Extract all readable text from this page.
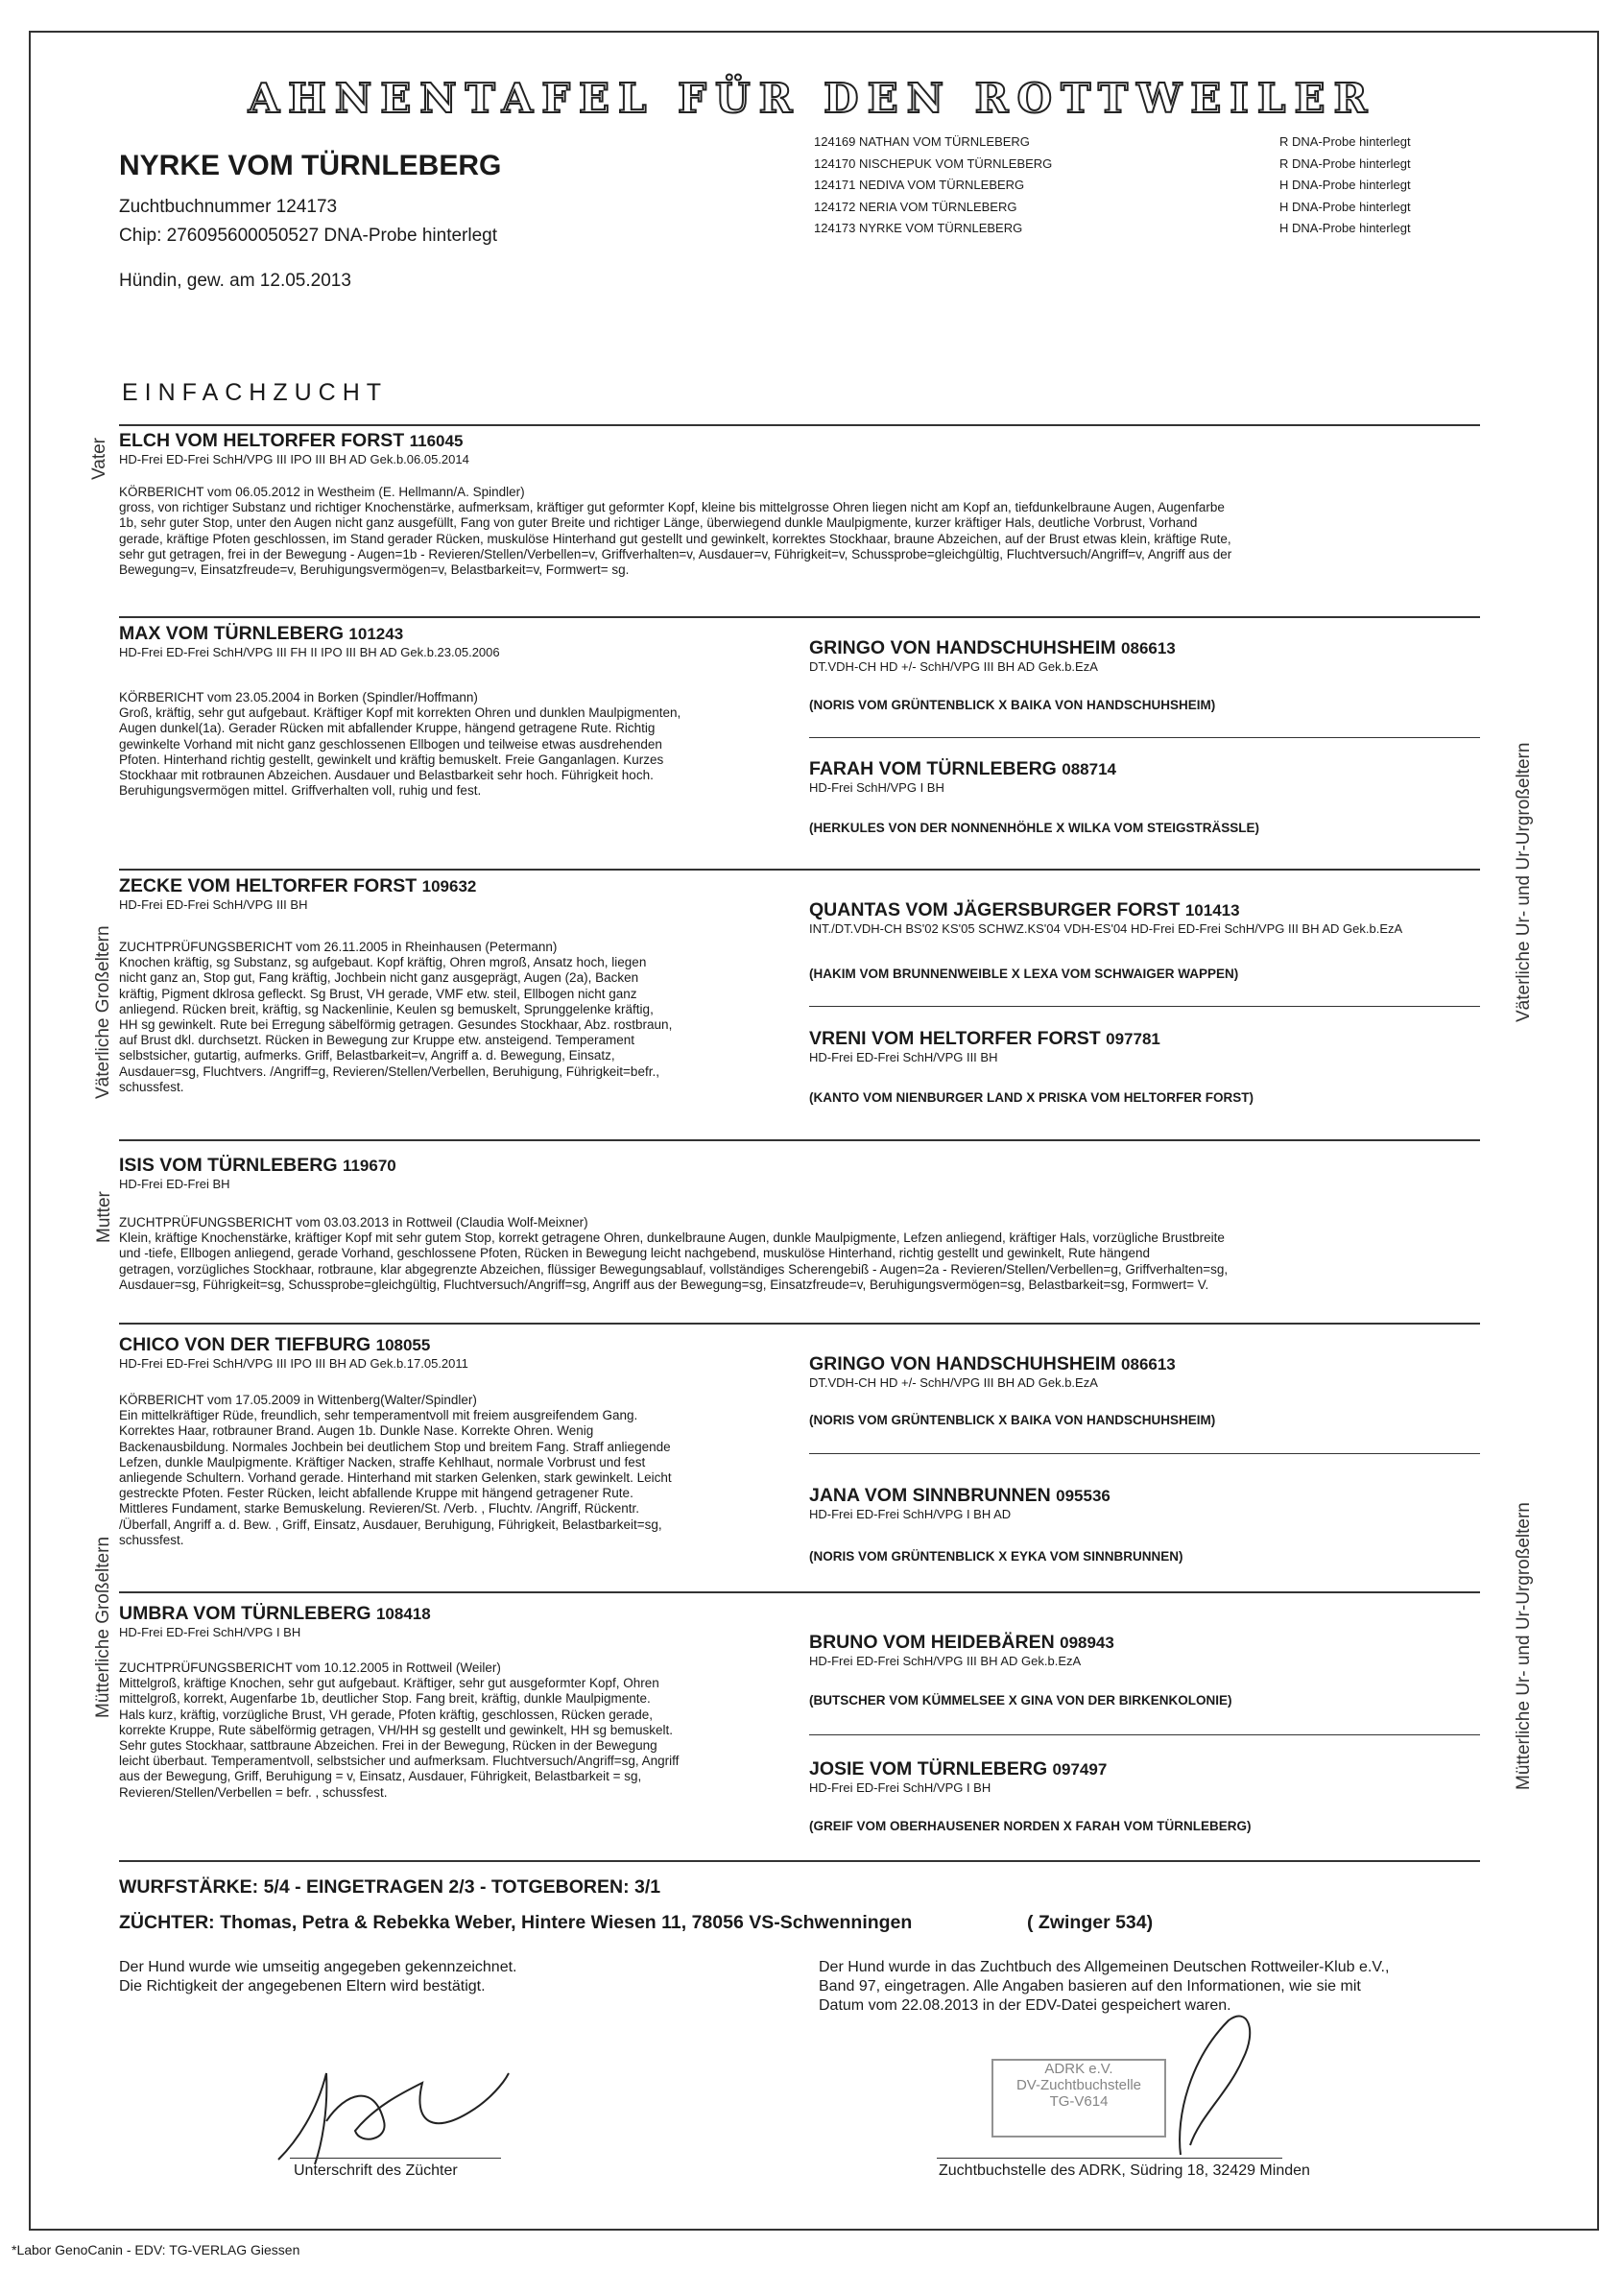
AHNENTAFEL FÜR DEN ROTTWEILER
NYRKE VOM TÜRNLEBERG
Zuchtbuchnummer 124173
Chip: 276095600050527 DNA-Probe hinterlegt
Hündin, gew. am 12.05.2013
124169 NATHAN VOM TÜRNLEBERG
124170 NISCHEPUK VOM TÜRNLEBERG
124171 NEDIVA VOM TÜRNLEBERG
124172 NERIA VOM TÜRNLEBERG
124173 NYRKE VOM TÜRNLEBERG
R DNA-Probe hinterlegt
R DNA-Probe hinterlegt
H DNA-Probe hinterlegt
H DNA-Probe hinterlegt
H DNA-Probe hinterlegt
EINFACHZUCHT
Vater
Väterliche Großeltern
Mutter
Mütterliche Großeltern
Väterliche Ur- und Ur-Urgroßeltern
Mütterliche Ur- und Ur-Urgroßeltern
ELCH VOM HELTORFER FORST 116045
HD-Frei ED-Frei SchH/VPG III IPO III BH AD Gek.b.06.05.2014
KÖRBERICHT vom 06.05.2012 in Westheim (E. Hellmann/A. Spindler)
gross, von richtiger Substanz und richtiger Knochenstärke, aufmerksam, kräftiger gut geformter Kopf, kleine bis mittelgrosse Ohren liegen nicht am Kopf an, tiefdunkelbraune Augen, Augenfarbe
1b, sehr guter Stop, unter den Augen nicht ganz ausgefüllt, Fang von guter Breite und richtiger Länge, überwiegend dunkle Maulpigmente, kurzer kräftiger Hals, deutliche Vorbrust, Vorhand
gerade, kräftige Pfoten geschlossen, im Stand gerader Rücken, muskulöse Hinterhand gut gestellt und gewinkelt, korrektes Stockhaar, braune Abzeichen, auf der Brust etwas klein, kräftige Rute,
sehr gut getragen, frei in der Bewegung - Augen=1b - Revieren/Stellen/Verbellen=v, Griffverhalten=v, Ausdauer=v, Führigkeit=v, Schussprobe=gleichgültig, Fluchtversuch/Angriff=v, Angriff aus der
Bewegung=v, Einsatzfreude=v, Beruhigungsvermögen=v, Belastbarkeit=v, Formwert= sg.
MAX VOM TÜRNLEBERG 101243
HD-Frei ED-Frei SchH/VPG III FH II IPO III BH AD Gek.b.23.05.2006
KÖRBERICHT vom 23.05.2004 in Borken (Spindler/Hoffmann)
Groß, kräftig, sehr gut aufgebaut. Kräftiger Kopf mit korrekten Ohren und dunklen Maulpigmenten,
Augen dunkel(1a). Gerader Rücken mit abfallender Kruppe, hängend getragene Rute. Richtig
gewinkelte Vorhand mit nicht ganz geschlossenen Ellbogen und teilweise etwas ausdrehenden
Pfoten. Hinterhand richtig gestellt, gewinkelt und kräftig bemuskelt. Freie Ganganlagen. Kurzes
Stockhaar mit rotbraunen Abzeichen. Ausdauer und Belastbarkeit sehr hoch. Führigkeit hoch.
Beruhigungsvermögen mittel. Griffverhalten voll, ruhig und fest.
GRINGO VON HANDSCHUHSHEIM 086613
DT.VDH-CH HD +/- SchH/VPG III BH AD Gek.b.EzA
(NORIS VOM GRÜNTENBLICK X BAIKA VON HANDSCHUHSHEIM)
FARAH VOM TÜRNLEBERG 088714
HD-Frei SchH/VPG I BH
(HERKULES VON DER NONNENHÖHLE X WILKA VOM STEIGSTRÄSSLE)
ZECKE VOM HELTORFER FORST 109632
HD-Frei ED-Frei SchH/VPG III BH
ZUCHTPRÜFUNGSBERICHT vom 26.11.2005 in Rheinhausen (Petermann)
Knochen kräftig, sg Substanz, sg aufgebaut. Kopf kräftig, Ohren mgroß, Ansatz hoch, liegen
nicht ganz an, Stop gut, Fang kräftig, Jochbein nicht ganz ausgeprägt, Augen (2a), Backen
kräftig, Pigment dklrosa gefleckt. Sg Brust, VH gerade, VMF etw. steil, Ellbogen nicht ganz
anliegend. Rücken breit, kräftig, sg Nackenlinie, Keulen sg bemuskelt, Sprunggelenke kräftig,
HH sg gewinkelt. Rute bei Erregung säbelförmig getragen. Gesundes Stockhaar, Abz. rostbraun,
auf Brust dkl. durchsetzt. Rücken in Bewegung zur Kruppe etw. ansteigend. Temperament
selbstsicher, gutartig, aufmerks. Griff, Belastbarkeit=v, Angriff a. d. Bewegung, Einsatz,
Ausdauer=sg, Fluchtvers. /Angriff=g, Revieren/Stellen/Verbellen, Beruhigung, Führigkeit=befr.,
schussfest.
QUANTAS VOM JÄGERSBURGER FORST 101413
INT./DT.VDH-CH BS'02 KS'05 SCHWZ.KS'04 VDH-ES'04 HD-Frei ED-Frei SchH/VPG III BH AD Gek.b.EzA
(HAKIM VOM BRUNNENWEIBLE X LEXA VOM SCHWAIGER WAPPEN)
VRENI VOM HELTORFER FORST 097781
HD-Frei ED-Frei SchH/VPG III BH
(KANTO VOM NIENBURGER LAND X PRISKA VOM HELTORFER FORST)
ISIS VOM TÜRNLEBERG 119670
HD-Frei ED-Frei BH
ZUCHTPRÜFUNGSBERICHT vom 03.03.2013 in Rottweil (Claudia Wolf-Meixner)
Klein, kräftige Knochenstärke, kräftiger Kopf mit sehr gutem Stop, korrekt getragene Ohren, dunkelbraune Augen, dunkle Maulpigmente, Lefzen anliegend, kräftiger Hals, vorzügliche Brustbreite
und -tiefe, Ellbogen anliegend, gerade Vorhand, geschlossene Pfoten, Rücken in Bewegung leicht nachgebend, muskulöse Hinterhand, richtig gestellt und gewinkelt, Rute hängend
getragen, vorzügliches Stockhaar, rotbraune, klar abgegrenzte Abzeichen, flüssiger Bewegungsablauf, vollständiges Scherengebiß - Augen=2a - Revieren/Stellen/Verbellen=g, Griffverhalten=sg,
Ausdauer=sg, Führigkeit=sg, Schussprobe=gleichgültig, Fluchtversuch/Angriff=sg, Angriff aus der Bewegung=sg, Einsatzfreude=v, Beruhigungsvermögen=sg, Belastbarkeit=sg, Formwert= V.
CHICO VON DER TIEFBURG 108055
HD-Frei ED-Frei SchH/VPG III IPO III BH AD Gek.b.17.05.2011
KÖRBERICHT vom 17.05.2009 in Wittenberg(Walter/Spindler)
Ein mittelkräftiger Rüde, freundlich, sehr temperamentvoll mit freiem ausgreifendem Gang.
Korrektes Haar, rotbrauner Brand. Augen 1b. Dunkle Nase. Korrekte Ohren. Wenig
Backenausbildung. Normales Jochbein bei deutlichem Stop und breitem Fang. Straff anliegende
Lefzen, dunkle Maulpigmente. Kräftiger Nacken, straffe Kehlhaut, normale Vorbrust und fest
anliegende Schultern. Vorhand gerade. Hinterhand mit starken Gelenken, stark gewinkelt. Leicht
gestreckte Pfoten. Fester Rücken, leicht abfallende Kruppe mit hängend getragener Rute.
Mittleres Fundament, starke Bemuskelung. Revieren/St. /Verb. , Fluchtv. /Angriff, Rückentr.
/Überfall, Angriff a. d. Bew. , Griff, Einsatz, Ausdauer, Beruhigung, Führigkeit, Belastbarkeit=sg,
schussfest.
GRINGO VON HANDSCHUHSHEIM 086613
DT.VDH-CH HD +/- SchH/VPG III BH AD Gek.b.EzA
(NORIS VOM GRÜNTENBLICK X BAIKA VON HANDSCHUHSHEIM)
JANA VOM SINNBRUNNEN 095536
HD-Frei ED-Frei SchH/VPG I BH AD
(NORIS VOM GRÜNTENBLICK X EYKA VOM SINNBRUNNEN)
UMBRA VOM TÜRNLEBERG 108418
HD-Frei ED-Frei SchH/VPG I BH
ZUCHTPRÜFUNGSBERICHT vom 10.12.2005 in Rottweil (Weiler)
Mittelgroß, kräftige Knochen, sehr gut aufgebaut. Kräftiger, sehr gut ausgeformter Kopf, Ohren
mittelgroß, korrekt, Augenfarbe 1b, deutlicher Stop. Fang breit, kräftig, dunkle Maulpigmente.
Hals kurz, kräftig, vorzügliche Brust, VH gerade, Pfoten kräftig, geschlossen, Rücken gerade,
korrekte Kruppe, Rute säbelförmig getragen, VH/HH sg gestellt und gewinkelt, HH sg bemuskelt.
Sehr gutes Stockhaar, sattbraune Abzeichen. Frei in der Bewegung, Rücken in der Bewegung
leicht überbaut. Temperamentvoll, selbstsicher und aufmerksam. Fluchtversuch/Angriff=sg, Angriff
aus der Bewegung, Griff, Beruhigung = v, Einsatz, Ausdauer, Führigkeit, Belastbarkeit = sg,
Revieren/Stellen/Verbellen = befr. , schussfest.
BRUNO VOM HEIDEBÄREN 098943
HD-Frei ED-Frei SchH/VPG III BH AD Gek.b.EzA
(BUTSCHER VOM KÜMMELSEE X GINA VON DER BIRKENKOLONIE)
JOSIE VOM TÜRNLEBERG 097497
HD-Frei ED-Frei SchH/VPG I BH
(GREIF VOM OBERHAUSENER NORDEN X FARAH VOM TÜRNLEBERG)
WURFSTÄRKE: 5/4 - EINGETRAGEN 2/3 - TOTGEBOREN: 3/1
ZÜCHTER: Thomas, Petra & Rebekka Weber, Hintere Wiesen 11, 78056 VS-Schwenningen	( Zwinger 534)
Der Hund wurde wie umseitig angegeben gekennzeichnet.
Die Richtigkeit der angegebenen Eltern wird bestätigt.
Der Hund wurde in das Zuchtbuch des Allgemeinen Deutschen Rottweiler-Klub e.V.,
Band 97, eingetragen. Alle Angaben basieren auf den Informationen, wie sie mit
Datum vom 22.08.2013 in der EDV-Datei gespeichert waren.
Unterschrift des Züchter
ADRK e.V.
DV-Zuchtbuchstelle
TG-V614
Zuchtbuchstelle des ADRK, Südring 18, 32429 Minden
*Labor GenoCanin - EDV: TG-VERLAG Giessen
